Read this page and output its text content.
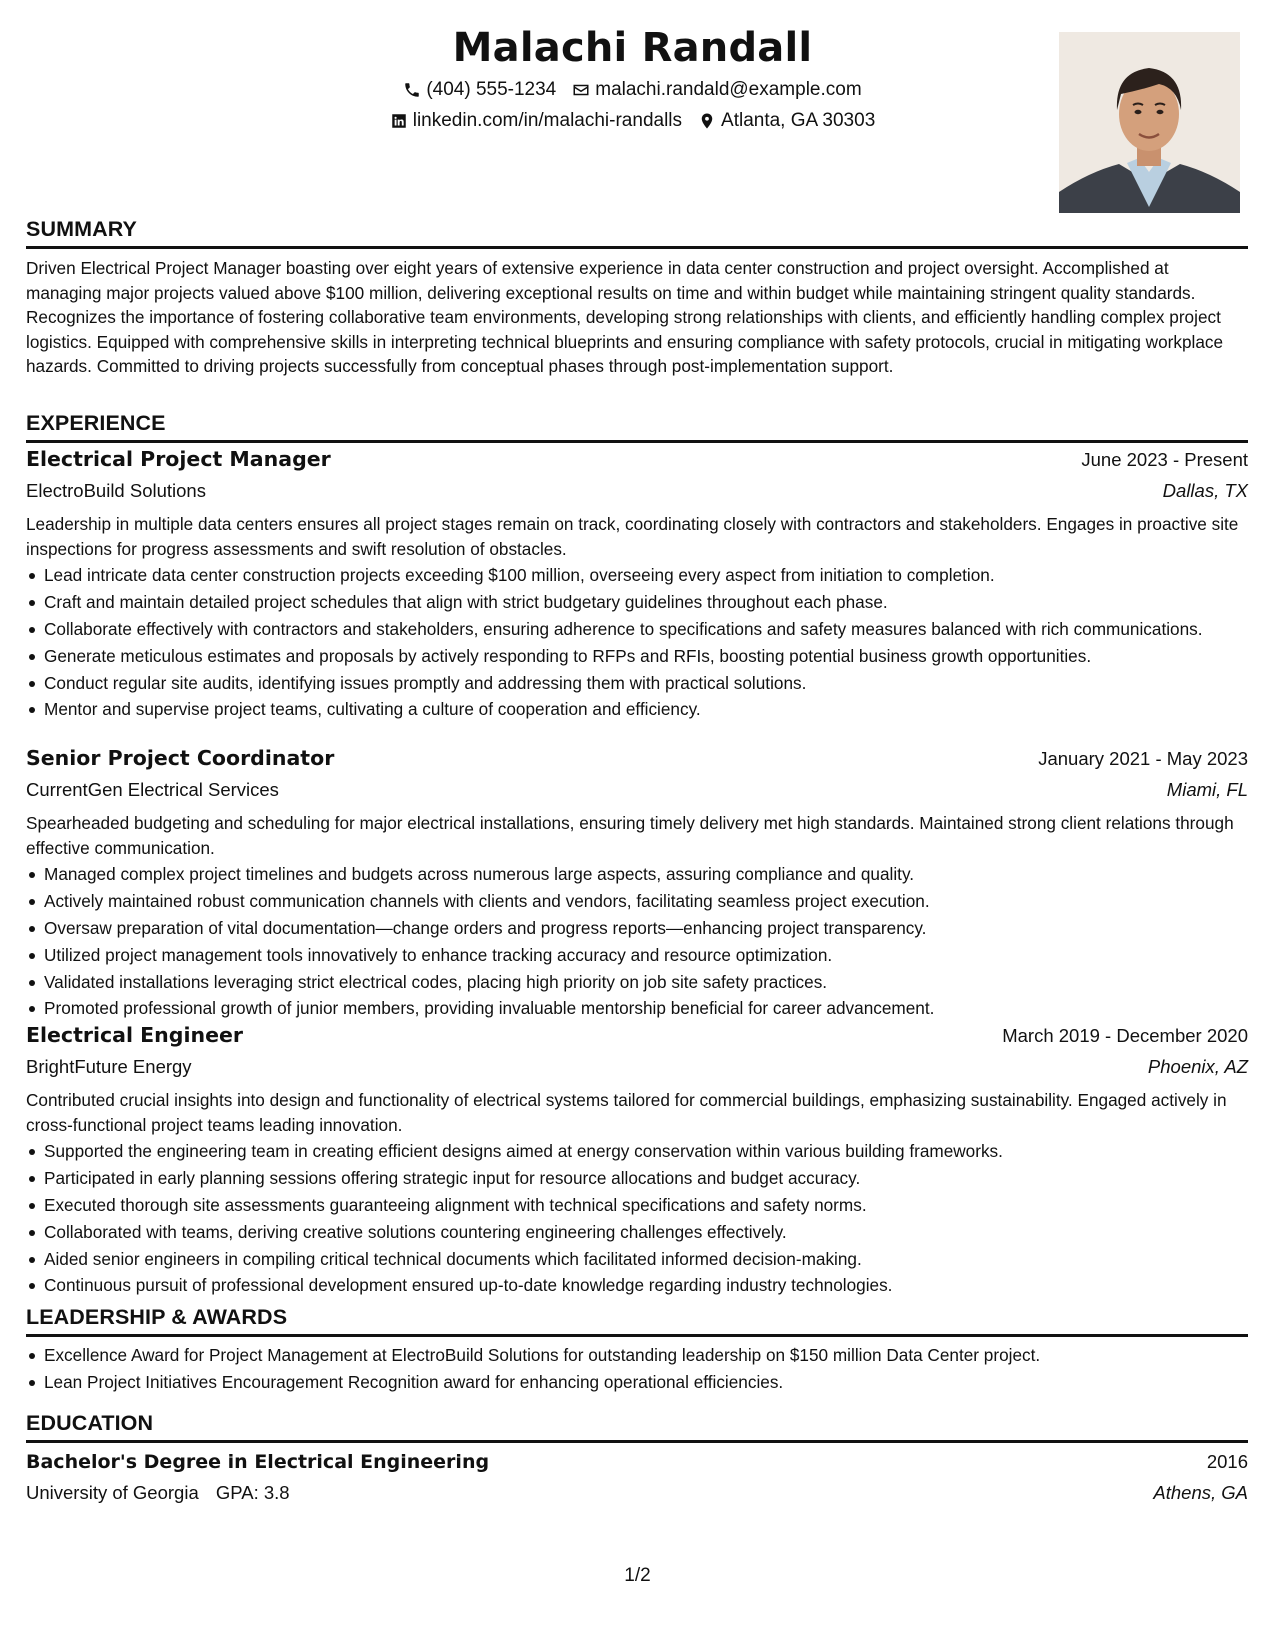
Malachi Randall
(404) 555-1234 malachi.randald@example.com
linkedin.com/in/malachi-randalls Atlanta, GA 30303
SUMMARY

Driven Electrical Project Manager boasting over eight years of extensive experience in data center construction and project oversight. Accomplished at managing major projects valued above $100 million, delivering exceptional results on time and within budget while maintaining stringent quality standards. Recognizes the importance of fostering collaborative team environments, developing strong relationships with clients, and efficiently handling complex project logistics. Equipped with comprehensive skills in interpreting technical blueprints and ensuring compliance with safety protocols, crucial in mitigating workplace hazards. Committed to driving projects successfully from conceptual phases through post-implementation support.

EXPERIENCE
Electrical Project Manager	June 2023 - Present
ElectroBuild Solutions	Dallas, TX

Leadership in multiple data centers ensures all project stages remain on track, coordinating closely with contractors and stakeholders. Engages in proactive site inspections for progress assessments and swift resolution of obstacles.

Lead intricate data center construction projects exceeding $100 million, overseeing every aspect from initiation to completion.
Craft and maintain detailed project schedules that align with strict budgetary guidelines throughout each phase.
Collaborate effectively with contractors and stakeholders, ensuring adherence to specifications and safety measures balanced with rich communications.
Generate meticulous estimates and proposals by actively responding to RFPs and RFIs, boosting potential business growth opportunities.
Conduct regular site audits, identifying issues promptly and addressing them with practical solutions.
Mentor and supervise project teams, cultivating a culture of cooperation and efficiency.
Senior Project Coordinator	January 2021 - May 2023
CurrentGen Electrical Services	Miami, FL

Spearheaded budgeting and scheduling for major electrical installations, ensuring timely delivery met high standards. Maintained strong client relations through effective communication.

Managed complex project timelines and budgets across numerous large aspects, assuring compliance and quality.
Actively maintained robust communication channels with clients and vendors, facilitating seamless project execution.
Oversaw preparation of vital documentation—change orders and progress reports—enhancing project transparency.
Utilized project management tools innovatively to enhance tracking accuracy and resource optimization.
Validated installations leveraging strict electrical codes, placing high priority on job site safety practices.
Promoted professional growth of junior members, providing invaluable mentorship beneficial for career advancement.
Electrical Engineer	March 2019 - December 2020
BrightFuture Energy	Phoenix, AZ

Contributed crucial insights into design and functionality of electrical systems tailored for commercial buildings, emphasizing sustainability. Engaged actively in cross-functional project teams leading innovation.

Supported the engineering team in creating efficient designs aimed at energy conservation within various building frameworks.
Participated in early planning sessions offering strategic input for resource allocations and budget accuracy.
Executed thorough site assessments guaranteeing alignment with technical specifications and safety norms.
Collaborated with teams, deriving creative solutions countering engineering challenges effectively.
Aided senior engineers in compiling critical technical documents which facilitated informed decision-making.
Continuous pursuit of professional development ensured up-to-date knowledge regarding industry technologies.
LEADERSHIP & AWARDS
Excellence Award for Project Management at ElectroBuild Solutions for outstanding leadership on $150 million Data Center project.
Lean Project Initiatives Encouragement Recognition award for enhancing operational efficiencies.
EDUCATION
Bachelor's Degree in Electrical Engineering	2016
University of Georgia GPA: 3.8	Athens, GA
1/2
